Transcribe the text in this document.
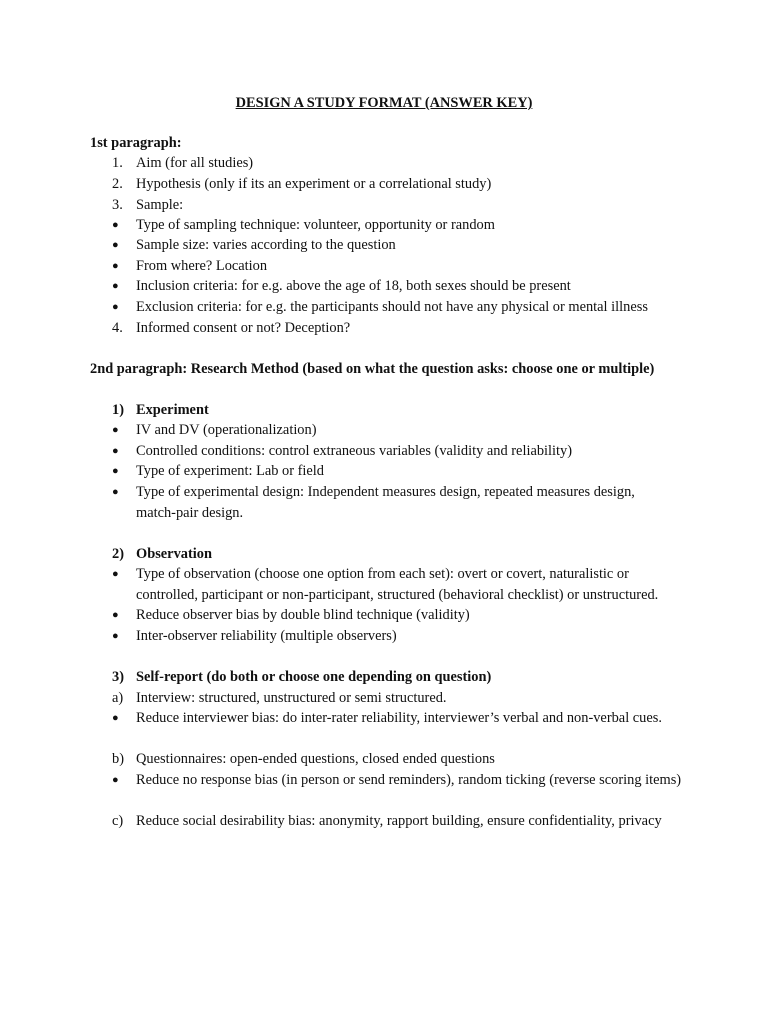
DESIGN A STUDY FORMAT (ANSWER KEY)
1st paragraph:
1. Aim (for all studies)
2. Hypothesis (only if its an experiment or a correlational study)
3. Sample:
● Type of sampling technique: volunteer, opportunity or random
● Sample size: varies according to the question
● From where? Location
● Inclusion criteria: for e.g. above the age of 18, both sexes should be present
● Exclusion criteria: for e.g. the participants should not have any physical or mental illness
4. Informed consent or not? Deception?
2nd paragraph: Research Method (based on what the question asks: choose one or multiple)
1) Experiment
● IV and DV (operationalization)
● Controlled conditions: control extraneous variables (validity and reliability)
● Type of experiment: Lab or field
● Type of experimental design: Independent measures design, repeated measures design,
match-pair design.
2) Observation
● Type of observation (choose one option from each set): overt or covert, naturalistic or
controlled, participant or non-participant, structured (behavioral checklist) or unstructured.
● Reduce observer bias by double blind technique (validity)
● Inter-observer reliability (multiple observers)
3) Self-report (do both or choose one depending on question)
a) Interview: structured, unstructured or semi structured.
● Reduce interviewer bias: do inter-rater reliability, interviewer’s verbal and non-verbal cues.
b) Questionnaires: open-ended questions, closed ended questions
● Reduce no response bias (in person or send reminders), random ticking (reverse scoring items)
c) Reduce social desirability bias: anonymity, rapport building, ensure confidentiality, privacy
